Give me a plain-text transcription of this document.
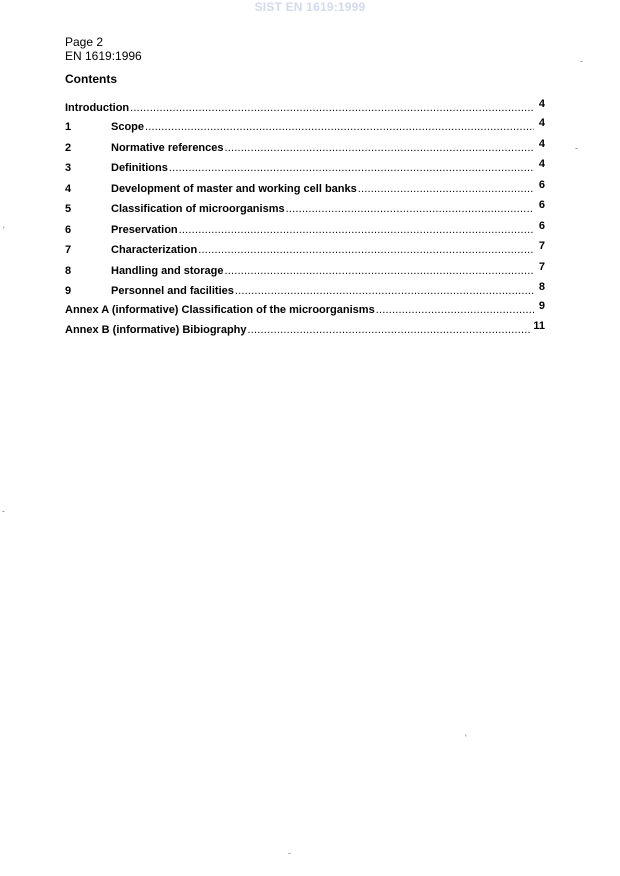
SIST EN 1619:1999
Page 2
EN 1619:1996
Contents
Introduction .....	4
1	Scope .....	4
2	Normative references .....	4
3	Definitions .....	4
4	Development of master and working cell banks .....	6
5	Classification of microorganisms .....	6
6	Preservation .....	6
7	Characterization .....	7
8	Handling and storage .....	7
9	Personnel and facilities .....	8
Annex A (informative) Classification of the microorganisms .....	9
Annex B (informative) Bibiography .....	11
'
-
-
-
'
-
